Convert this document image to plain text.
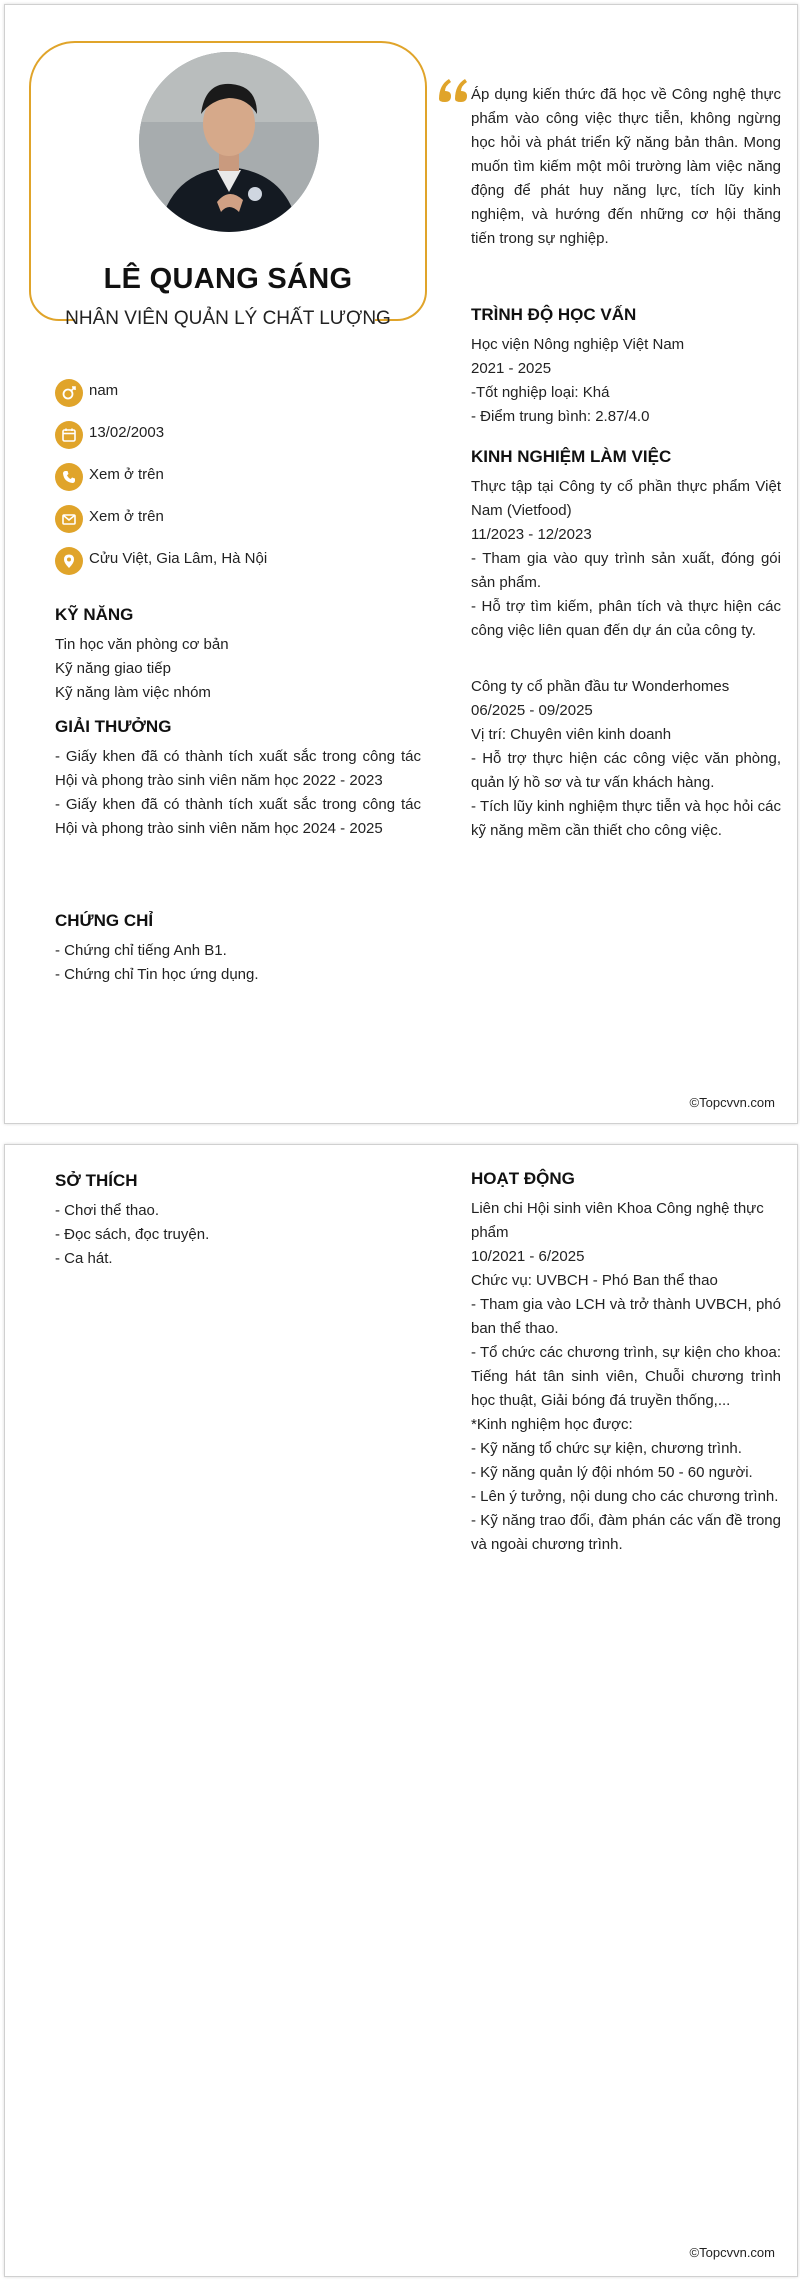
LÊ QUANG SÁNG
NHÂN VIÊN QUẢN LÝ CHẤT LƯỢNG
nam
13/02/2003
Xem ở trên
Xem ở trên
Cửu Việt, Gia Lâm, Hà Nội
KỸ NĂNG
Tin học văn phòng cơ bản
Kỹ năng giao tiếp
Kỹ năng làm việc nhóm
GIẢI THƯỞNG
- Giấy khen đã có thành tích xuất sắc trong công tác Hội và phong trào sinh viên năm học 2022 - 2023
- Giấy khen đã có thành tích xuất sắc trong công tác Hội và phong trào sinh viên năm học 2024 - 2025
CHỨNG CHỈ
- Chứng chỉ tiếng Anh B1.
- Chứng chỉ Tin học ứng dụng.
Áp dụng kiến thức đã học về Công nghệ thực phẩm vào công việc thực tiễn, không ngừng học hỏi và phát triển kỹ năng bản thân. Mong muốn tìm kiếm một môi trường làm việc năng động để phát huy năng lực, tích lũy kinh nghiệm, và hướng đến những cơ hội thăng tiến trong sự nghiệp.
TRÌNH ĐỘ HỌC VẤN
Học viện Nông nghiệp Việt Nam
2021 - 2025
-Tốt nghiệp loại: Khá
- Điểm trung bình: 2.87/4.0
KINH NGHIỆM LÀM VIỆC
Thực tập tại Công ty cổ phần thực phẩm Việt Nam (Vietfood)
11/2023 - 12/2023
- Tham gia vào quy trình sản xuất, đóng gói sản phẩm.
- Hỗ trợ tìm kiếm, phân tích và thực hiện các công việc liên quan đến dự án của công ty.
Công ty cổ phần đầu tư Wonderhomes
06/2025 - 09/2025
Vị trí: Chuyên viên kinh doanh
- Hỗ trợ thực hiện các công việc văn phòng, quản lý hồ sơ và tư vấn khách hàng.
- Tích lũy kinh nghiệm thực tiễn và học hỏi các kỹ năng mềm cần thiết cho công việc.
©Topcvvn.com
SỞ THÍCH
- Chơi thể thao.
- Đọc sách, đọc truyện.
- Ca hát.
HOẠT ĐỘNG
Liên chi Hội sinh viên Khoa Công nghệ thực phẩm
10/2021 - 6/2025
Chức vụ: UVBCH - Phó Ban thể thao
- Tham gia vào LCH và trở thành UVBCH, phó ban thể thao.
- Tổ chức các chương trình, sự kiện cho khoa: Tiếng hát tân sinh viên, Chuỗi chương trình học thuật, Giải bóng đá truyền thống,...
*Kinh nghiệm học được:
- Kỹ năng tổ chức sự kiện, chương trình.
- Kỹ năng quản lý đội nhóm 50 - 60 người.
- Lên ý tưởng, nội dung cho các chương trình.
- Kỹ năng trao đổi, đàm phán các vấn đề trong và ngoài chương trình.
©Topcvvn.com
